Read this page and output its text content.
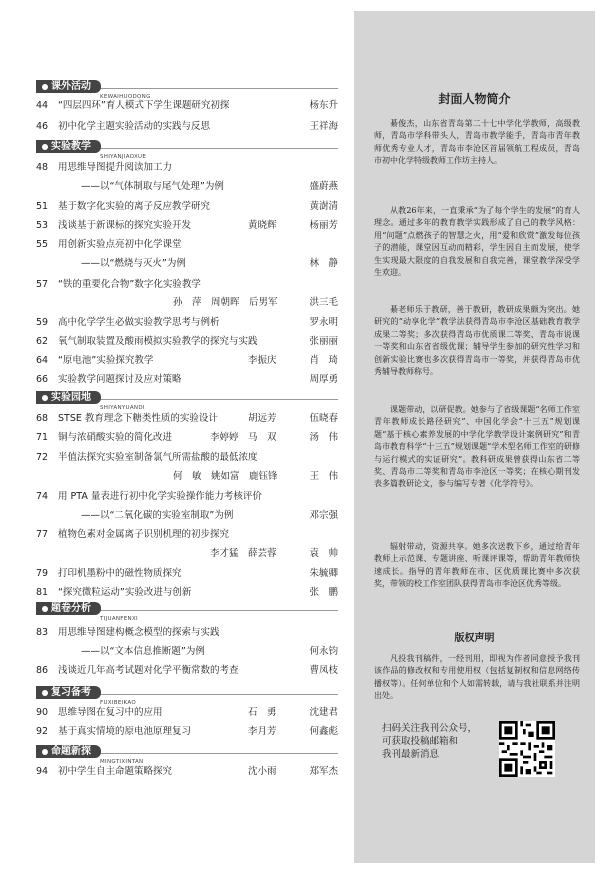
课外活动
KEWAIHUODONG
实验教学
SHIYANJIAOXUE
实验园地
SHIYANYUANDI
题卷分析
TIJUANFENXI
复习备考
FUXIBEIKAO
命题新探
MINGTIXINTAN
44	“四层四环”育人模式下学生课题研究初探	杨东升
46	初中化学主题实验活动的实践与反思	王祥海
48	用思维导图提升阅读加工力
——以“气体制取与尾气处理”为例	盛蔚燕
51	基于数字化实验的离子反应教学研究	黄澍清
53	浅谈基于新课标的探究实验开发	黄晓辉	杨丽芳
55	用创新实验点亮初中化学课堂
——以“燃烧与灭火”为例	林　静
57	“铁的重要化合物”数字化实验教学
孙　萍　周朝晖　后男军	洪三毛
59	高中化学学生必做实验教学思考与例析	罗永明
62	氧气制取装置及酸雨模拟实验教学的探究与实践	张丽丽
64	“原电池”实验探究教学	李振庆	肖　琦
66	实验教学问题探讨及应对策略	周厚勇
68	STSE 教育理念下糖类性质的实验设计	胡远芳	伍晓春
71	铜与浓硝酸实验的简化改进	李婷婷　马　双	汤　伟
72	半值法探究实验室制备氯气所需盐酸的最低浓度
何　敏　姚如富　鹿钰锋	王　伟
74	用 PTA 量表进行初中化学实验操作能力考核评价
——以“二氧化碳的实验室制取”为例	邓宗强
77	植物色素对金属离子识别机理的初步探究
李才猛　薛芸蓉	袁　帅
79	打印机墨粉中的磁性物质探究	朱毓卿
81	“探究微粒运动”实验改进与创新	张　鹏
83	用思维导图建构概念模型的探索与实践
——以“文本信息推断题”为例	何永钧
86	浅谈近几年高考试题对化学平衡常数的考查	曹凤枝
90	思维导图在复习中的应用	石　勇	沈建君
92	基于真实情境的原电池原理复习	李月芳	何鑫彪
94	初中学生自主命题策略探究	沈小雨	郑军杰
封面人物简介
綦俊杰，山东省青岛第二十七中学化学教师，高级教师，青岛市学科带头人，青岛市教学能手，青岛市青年教师优秀专业人才，青岛市李沧区首届领航工程成员，青岛市初中化学特级教师工作坊主持人。
从教26年来，一直秉承“为了每个学生的发展”的育人理念。通过多年的教育教学实践形成了自己的教学风格：用“问题”点燃孩子的智慧之火，用“爱和欣赏”激发每位孩子的潜能，课堂因互动而精彩，学生因自主而发展，使学生实现最大限度的自我发展和自我完善，课堂教学深受学生欢迎。
綦老师乐于教研，善于教研，教研成果颇为突出。她研究的“动享化学”教学法获得青岛市李沧区基础教育教学成果二等奖；多次获得青岛市优质课二等奖、青岛市说课一等奖和山东省省级优课；辅导学生参加的研究性学习和创新实验比赛也多次获得青岛市一等奖，并获得青岛市优秀辅导教师称号。
课题带动，以研促教。她参与了省级课题“名师工作室青年教师成长路径研究”、中国化学会“十三五”规划课题“基于核心素养发展的中学化学教学设计案例研究”和青岛市教育科学“十三五”规划课题“学术型名师工作室的研修与运行模式的实证研究”。教科研成果曾获得山东省二等奖、青岛市二等奖和青岛市李沧区一等奖；在核心期刊发表多篇教研论文，参与编写专著《化学符号》。
辐射带动，资源共享。她多次送教下乡，通过给青年教师上示范课、专题讲座、听课评课等，帮助青年教师快速成长。指导的青年教师在市、区优质课比赛中多次获奖，带领的校工作室团队获得青岛市李沧区优秀等级。
版权声明
凡投我刊稿件，一经刊用，即视为作者同意授予我刊该作品的修改权和专用使用权（包括复制权和信息网络传播权等）。任何单位和个人如需转载，请与我社联系并注明出处。
扫码关注我刊公众号，
可获取投稿邮箱和
我刊最新消息
